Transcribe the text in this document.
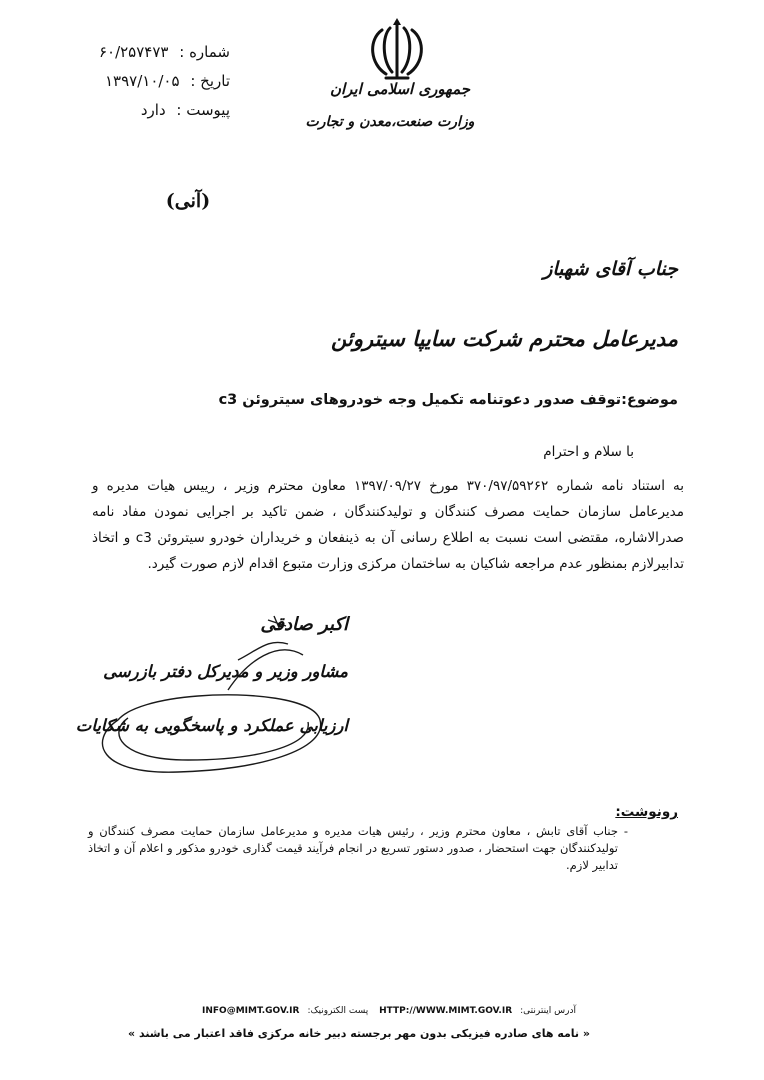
شماره : ۶۰/۲۵۷۴۷۳
تاریخ : ۱۳۹۷/۱۰/۰۵
پیوست : دارد
جمهوری اسلامی ایران
وزارت صنعت،معدن و تجارت
(آنی)
جناب آقای شهباز
مدیرعامل محترم شرکت سایپا سیتروئن
موضوع:توقف صدور دعوتنامه تکمیل وجه خودروهای سیتروئن c3
با سلام و احترام
به استناد نامه شماره ۳۷۰/۹۷/۵۹۲۶۲ مورخ ۱۳۹۷/۰۹/۲۷ معاون محترم وزیر ، رییس هیات مدیره و مدیرعامل سازمان حمایت مصرف کنندگان و تولیدکنندگان ، ضمن تاکید بر اجرایی نمودن مفاد نامه صدرالاشاره، مقتضی است نسبت به اطلاع رسانی آن به ذینفعان و خریداران خودرو سیتروئن c3 و اتخاذ تدابیرلازم بمنظور عدم مراجعه شاکیان به ساختمان مرکزی وزارت متبوع اقدام لازم صورت گیرد.
اکبر صادقی
مشاور وزیر و مدیرکل دفتر بازرسی
ارزیابی عملکرد و پاسخگویی به شکایات
رونوشت:
- جناب آقای تابش ، معاون محترم وزیر ، رئیس هیات مدیره و مدیرعامل سازمان حمایت مصرف کنندگان و تولیدکنندگان جهت استحضار ، صدور دستور تسریع در انجام فرآیند قیمت گذاری خودرو مذکور و اعلام آن و اتخاذ تدابیر لازم.
آدرس اینترنتی:HTTP://WWW.MIMT.GOV.IR پست الکترونیک:INFO@MIMT.GOV.IR
« نامه های صادره فیزیکی بدون مهر برجسته دبیر خانه مرکزی فاقد اعتبار می باشند »
